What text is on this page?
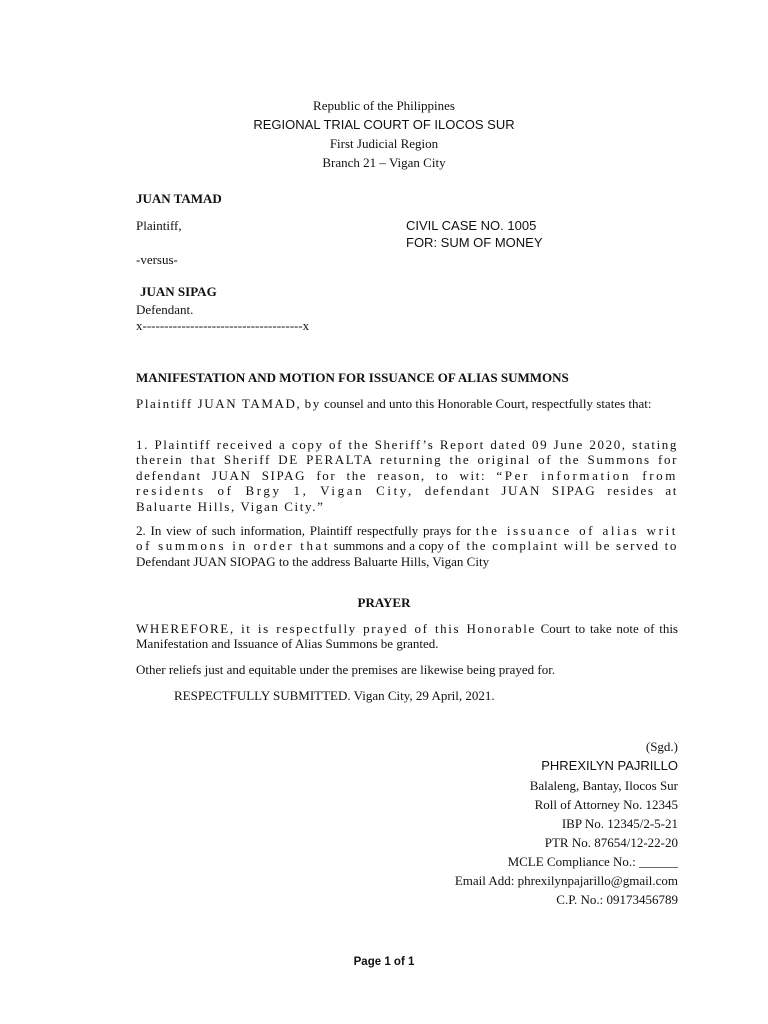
Republic of the Philippines
REGIONAL TRIAL COURT OF ILOCOS SUR
First Judicial Region
Branch 21 – Vigan City
JUAN TAMAD
Plaintiff,	CIVIL CASE NO. 1005
FOR: SUM OF MONEY
-versus-
JUAN SIPAG
Defendant.
x-------------------------------------x
MANIFESTATION AND MOTION FOR ISSUANCE OF ALIAS SUMMONS
Plaintiff JUAN TAMAD, by counsel and unto this Honorable Court, respectfully states that:
1. Plaintiff received a copy of the Sheriff’s Report dated 09 June 2020, stating therein that Sheriff DE PERALTA returning the original of the Summons for defendant JUAN SIPAG for the reason, to wit: “Per information from residents of Brgy 1, Vigan City, defendant JUAN SIPAG resides at Baluarte Hills, Vigan City.”
2. In view of such information, Plaintiff respectfully prays for the issuance of alias writ of summons in order that summons and a copy of the complaint will be served to Defendant JUAN SIOPAG to the address Baluarte Hills, Vigan City
PRAYER
WHEREFORE, it is respectfully prayed of this Honorable Court to take note of this Manifestation and Issuance of Alias Summons be granted.
Other reliefs just and equitable under the premises are likewise being prayed for.
RESPECTFULLY SUBMITTED. Vigan City, 29 April, 2021.
(Sgd.)
PHREXILYN PAJRILLO
Balaleng, Bantay, Ilocos Sur
Roll of Attorney No. 12345
IBP No. 12345/2-5-21
PTR No. 87654/12-22-20
MCLE Compliance No.: ______
Email Add: phrexilynpajarillo@gmail.com
C.P. No.: 09173456789
Page 1 of 1
